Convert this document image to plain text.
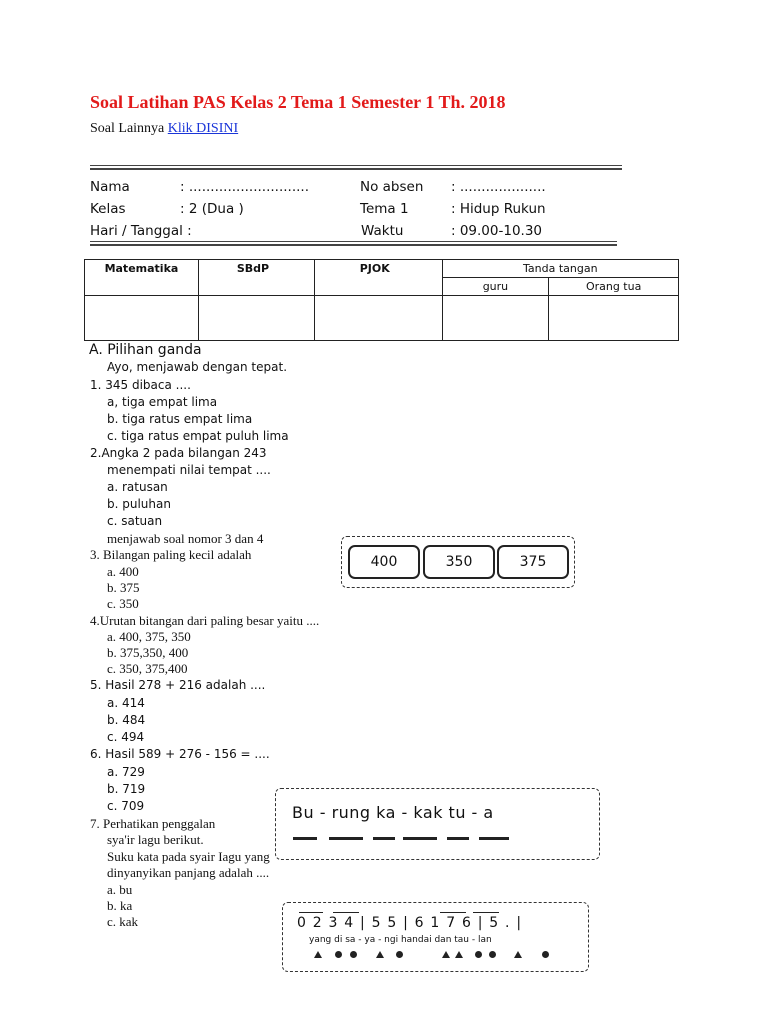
Soal Latihan PAS Kelas 2 Tema 1 Semester 1 Th. 2018
Soal Lainnya Klik DISINI
Nama	: ............................	No absen : ....................
Kelas	: 2 (Dua )	Tema 1	: Hidup Rukun
Hari / Tanggal :	Waktu	: 09.00-10.30
Matematika	SBdP	PJOK	Tanda tangan	
			guru	Orang tua

A. Pilihan ganda
Ayo, menjawab dengan tepat.
1. 345 dibaca ....
a, tiga empat lima
b. tiga ratus empat Iima
c. tiga ratus empat puluh lima
2.Angka 2 pada bilangan 243
menempati nilai tempat ....
a. ratusan
b. puluhan
c. satuan
menjawab soal nomor 3 dan 4
3. Bilangan paling kecil adalah
a. 400
b. 375
c. 350
4.Urutan bitangan dari paling besar yaitu ....
a. 400, 375, 350
b. 375,350, 400
c. 350, 375,400
5. Hasil 278 + 216 adalah ....
a. 414
b. 484
c. 494
6. Hasil 589 + 276 - 156 = ....
a. 729
b. 719
c. 709
7. Perhatikan penggalan
sya'ir lagu berikut.
Suku kata pada syair Iagu yang
dinyanyikan panjang adalah ....
a. bu
b. ka
c. kak
400	350	375
Bu - rung ka - kak tu - a
0 2 3 4 | 5 5 | 6 1 7 6 | 5 . |
yang di sa - ya - ngi handai dan tau - lan
